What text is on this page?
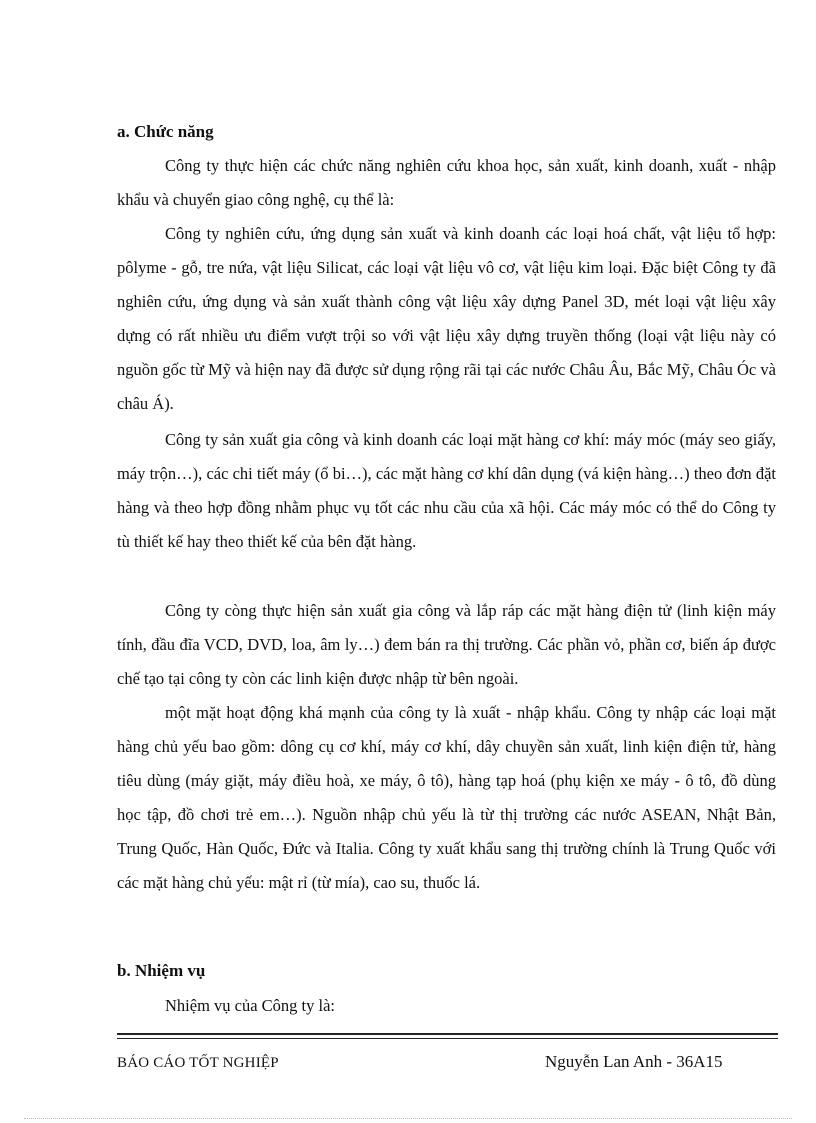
a. Chức năng

Công ty thực hiện các chức năng nghiên cứu khoa học, sản xuất, kinh doanh, xuất - nhập khẩu và chuyển giao công nghệ, cụ thể là:

Công ty nghiên cứu, ứng dụng sản xuất và kinh doanh các loại hoá chất, vật liệu tổ hợp: pôlyme - gỗ, tre nứa, vật liệu Silicat, các loại vật liệu vô cơ, vật liệu kim loại. Đặc biệt Công ty đã nghiên cứu, ứng dụng và sản xuất thành công vật liệu xây dựng Panel 3D, mét loại vật liệu xây dựng có rất nhiều ưu điểm vượt trội so với vật liệu xây dựng truyền thống (loại vật liệu này có nguồn gốc từ Mỹ và hiện nay đã được sử dụng rộng rãi tại các nước Châu Âu, Bắc Mỹ, Châu Óc và châu Á).

Công ty sản xuất gia công và kinh doanh các loại mặt hàng cơ khí: máy móc (máy seo giấy, máy trộn…), các chi tiết máy (ổ bi…), các mặt hàng cơ khí dân dụng (vá kiện hàng…) theo đơn đặt hàng và theo hợp đồng nhằm phục vụ tốt các nhu cầu của xã hội. Các máy móc có thể do Công ty tù thiết kế hay theo thiết kế của bên đặt hàng.

Công ty còng thực hiện sản xuất gia công và lắp ráp các mặt hàng điện tử (linh kiện máy tính, đầu đĩa VCD, DVD, loa, âm ly…) đem bán ra thị trường. Các phần vỏ, phần cơ, biến áp được chế tạo tại công ty còn các linh kiện được nhập từ bên ngoài.

một mặt hoạt động khá mạnh của công ty là xuất - nhập khẩu. Công ty nhập các loại mặt hàng chủ yếu bao gồm: dông cụ cơ khí, máy cơ khí, dây chuyền sản xuất, linh kiện điện tử, hàng tiêu dùng (máy giặt, máy điều hoà, xe máy, ô tô), hàng tạp hoá (phụ kiện xe máy - ô tô, đồ dùng học tập, đồ chơi trẻ em…). Nguồn nhập chủ yếu là từ thị trường các nước ASEAN, Nhật Bản, Trung Quốc, Hàn Quốc, Đức và Italia. Công ty xuất khẩu sang thị trường chính là Trung Quốc với các mặt hàng chủ yếu: mật rỉ (từ mía), cao su, thuốc lá.

b. Nhiệm vụ

Nhiệm vụ của Công ty là:

BÁO CÁO TỐT NGHIỆP	Nguyễn Lan Anh - 36A15
